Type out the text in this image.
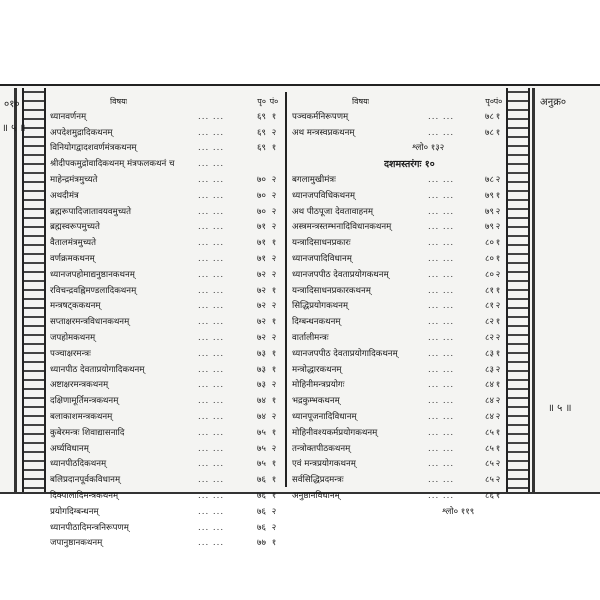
०१०
॥ ५ ॥
अनुक्र०
॥ ५ ॥
विषयः	पृ० पं०
ध्यानवर्णनम्	... ...	६९ १
अपदेशमुद्रादिकथनम्	... ...	६९ २
विनियोगद्वादशवर्णमंत्रकथनम्	... ...	६९ १
श्रीदीपकमुद्रोवादिकथनम् मंत्रफलकथनं च	... ...
माहेन्द्रमंत्रमुच्यते	... ...	७० २
अथदीमंत्र	... ...	७० २
ब्रह्मरूपादिजातावयवमुच्यते	... ...	७० २
ब्रह्मस्वरूपमुच्यते	... ...	७१ २
वैतालमंत्रमुच्यते	... ...	७१ १
वर्णक्रमकथनम्	... ...	७१ २
ध्यानजपहोमाद्यनुष्ठानकथनम्	... ...	७२ २
रविचन्द्रवह्निमण्डलादिकथनम्	... ...	७२ १
मन्त्रषट्ककथनम्	... ...	७२ २
सप्ताक्षरमन्त्रविधानकथनम्	... ...	७२ १
जपहोमकथनम्	... ...	७२ २
पञ्चाक्षरमन्त्रः	... ...	७३ १
ध्यानपीठ देवताप्रयोगादिकथनम्	... ...	७३ १
अष्टाक्षरमन्त्रकथनम्	... ...	७३ २
दक्षिणामूर्तिमन्त्रकथनम्	... ...	७४ १
बलाकाशमन्त्रकथनम्	... ...	७४ २
कुबेरमन्त्रः शिवाद्यासनादि	... ...	७५ १
अर्घ्यविधानम्	... ...	७५ २
ध्यानपीठदिकथनम्	... ...	७५ १
बलिप्रदानपूर्वकविधानम्	... ...	७६ १
दिक्पालादिमन्त्रकथनम्	... ...	७६ १
प्रयोगदिग्बन्धनम्	... ...	७६ २
ध्यानपीठादिमन्त्रनिरूपणम्	... ...	७६ २
जपानुष्ठानकथनम्	... ...	७७ १
विषयः	पृ० पं०
पञ्चकर्मनिरूपणम्	... ...	७८ १
अथ मन्त्रस्वप्नकथनम्	... ...	७८ १
श्लो० १३२
दशमस्तरंगः १०
बगलामुखीमंत्रः	... ...	७८ २
ध्यानजपविधिकथनम्	... ...	७९ १
अथ पीठपूजा देवतावाहनम्	... ...	७९ २
अस्त्रमन्त्रस्तम्भनादिविधानकथनम्	... ...	७९ २
यन्त्रादिसाधनप्रकारः	... ...	८० १
ध्यानजपादिविधानम्	... ...	८० १
ध्यानजपपीठ देवताप्रयोगकथनम्	... ...	८० २
यन्त्रादिसाधनप्रकारकथनम्	... ...	८१ १
सिद्धिप्रयोगकथनम्	... ...	८१ २
दिग्बन्धनकथनम्	... ...	८२ १
वार्तालीमन्त्रः	... ...	८२ २
ध्यानजपपीठ देवताप्रयोगादिकथनम्	... ...	८३ १
मन्त्रोद्धारकथनम्	... ...	८३ २
मोहिनीमन्त्रप्रयोगः	... ...	८४ १
भद्रकुम्भकथनम्	... ...	८४ २
ध्यानपूजनादिविधानम्	... ...	८४ २
मोहिनीवश्यकर्मप्रयोगकथनम्	... ...	८५ १
तन्त्रोक्तपीठकथनम्	... ...	८५ १
एवं मन्त्रप्रयोगकथनम्	... ...	८५ २
सर्वसिद्धिप्रदमन्त्रः	... ...	८५ २
अनुष्ठानविधानम्	... ...	८६ १
श्लो० ११९
